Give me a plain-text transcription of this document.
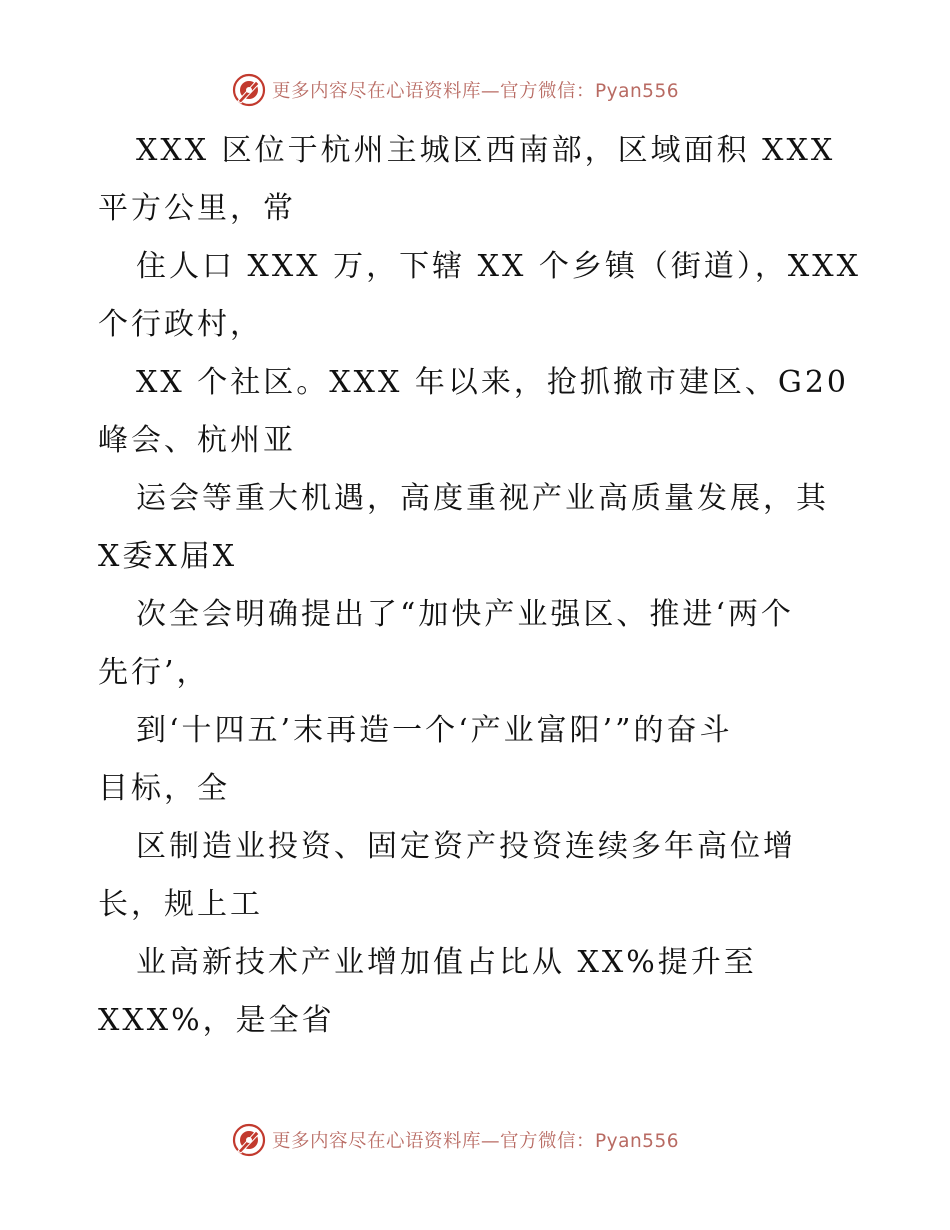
更多内容尽在心语资料库—官方微信：Pyan556

XXX 区位于杭州主城区西南部，区域面积 XXX

平方公里，常

住人口 XXX 万，下辖 XX 个乡镇（街道），XXX

个行政村，

XX 个社区。XXX 年以来，抢抓撤市建区、G20

峰会、杭州亚

运会等重大机遇，高度重视产业高质量发展，其

X委X届X

次全会明确提出了“加快产业强区、推进‘两个

先行’，

到‘十四五’末再造一个‘产业富阳’”的奋斗

目标，全

区制造业投资、固定资产投资连续多年高位增

长，规上工

业高新技术产业增加值占比从 XX%提升至

XXX%，是全省

更多内容尽在心语资料库—官方微信：Pyan556
